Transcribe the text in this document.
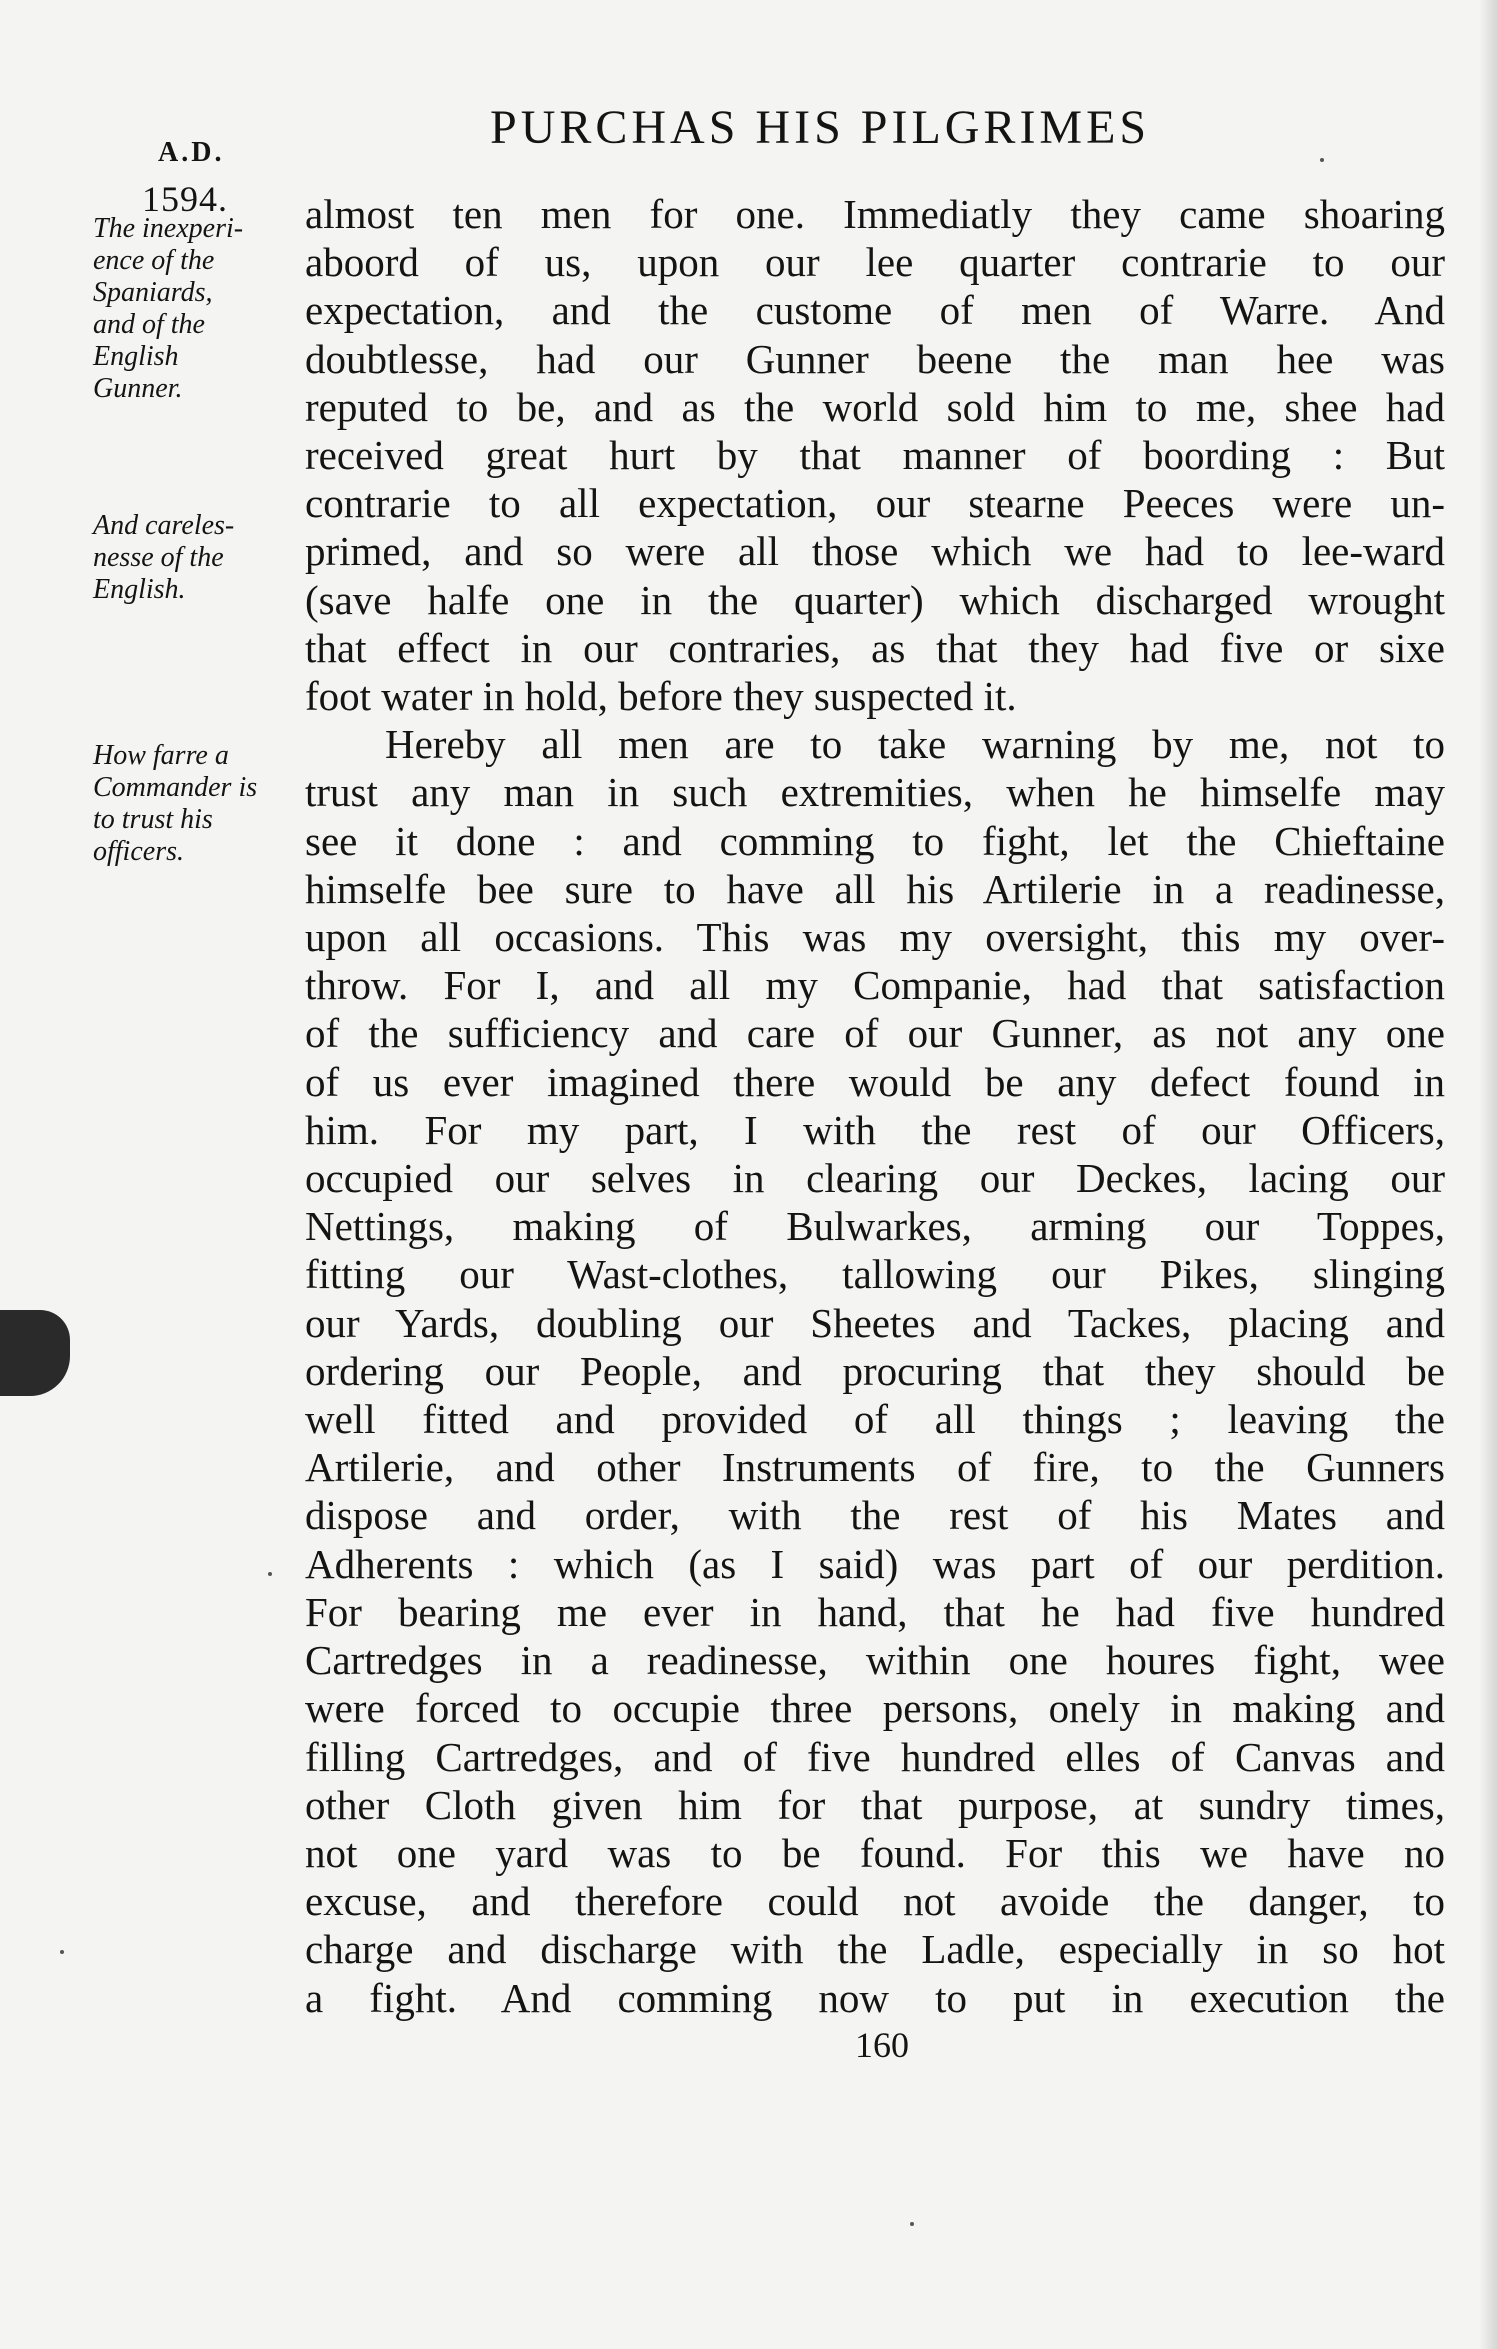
A.D.	PURCHAS HIS PILGRIMES
1594.
The inexperi-
ence of the
Spaniards,
and of the
English
Gunner.
And careles-
nesse of the
English.
How farre a
Commander is
to trust his
officers.
almost ten men for one. Immediatly they came shoaring
aboord of us, upon our lee quarter contrarie to our
expectation, and the custome of men of Warre. And
doubtlesse, had our Gunner beene the man hee was
reputed to be, and as the world sold him to me, shee had
received great hurt by that manner of boording : But
contrarie to all expectation, our stearne Peeces were un-
primed, and so were all those which we had to lee-ward
(save halfe one in the quarter) which discharged wrought
that effect in our contraries, as that they had five or sixe
foot water in hold, before they suspected it.
Hereby all men are to take warning by me, not to
trust any man in such extremities, when he himselfe may
see it done : and comming to fight, let the Chieftaine
himselfe bee sure to have all his Artilerie in a readinesse,
upon all occasions. This was my oversight, this my over-
throw. For I, and all my Companie, had that satisfaction
of the sufficiency and care of our Gunner, as not any one
of us ever imagined there would be any defect found in
him. For my part, I with the rest of our Officers,
occupied our selves in clearing our Deckes, lacing our
Nettings, making of Bulwarkes, arming our Toppes,
fitting our Wast-clothes, tallowing our Pikes, slinging
our Yards, doubling our Sheetes and Tackes, placing and
ordering our People, and procuring that they should be
well fitted and provided of all things ; leaving the
Artilerie, and other Instruments of fire, to the Gunners
dispose and order, with the rest of his Mates and
Adherents : which (as I said) was part of our perdition.
For bearing me ever in hand, that he had five hundred
Cartredges in a readinesse, within one houres fight, wee
were forced to occupie three persons, onely in making and
filling Cartredges, and of five hundred elles of Canvas and
other Cloth given him for that purpose, at sundry times,
not one yard was to be found. For this we have no
excuse, and therefore could not avoide the danger, to
charge and discharge with the Ladle, especially in so hot
a fight. And comming now to put in execution the
160
